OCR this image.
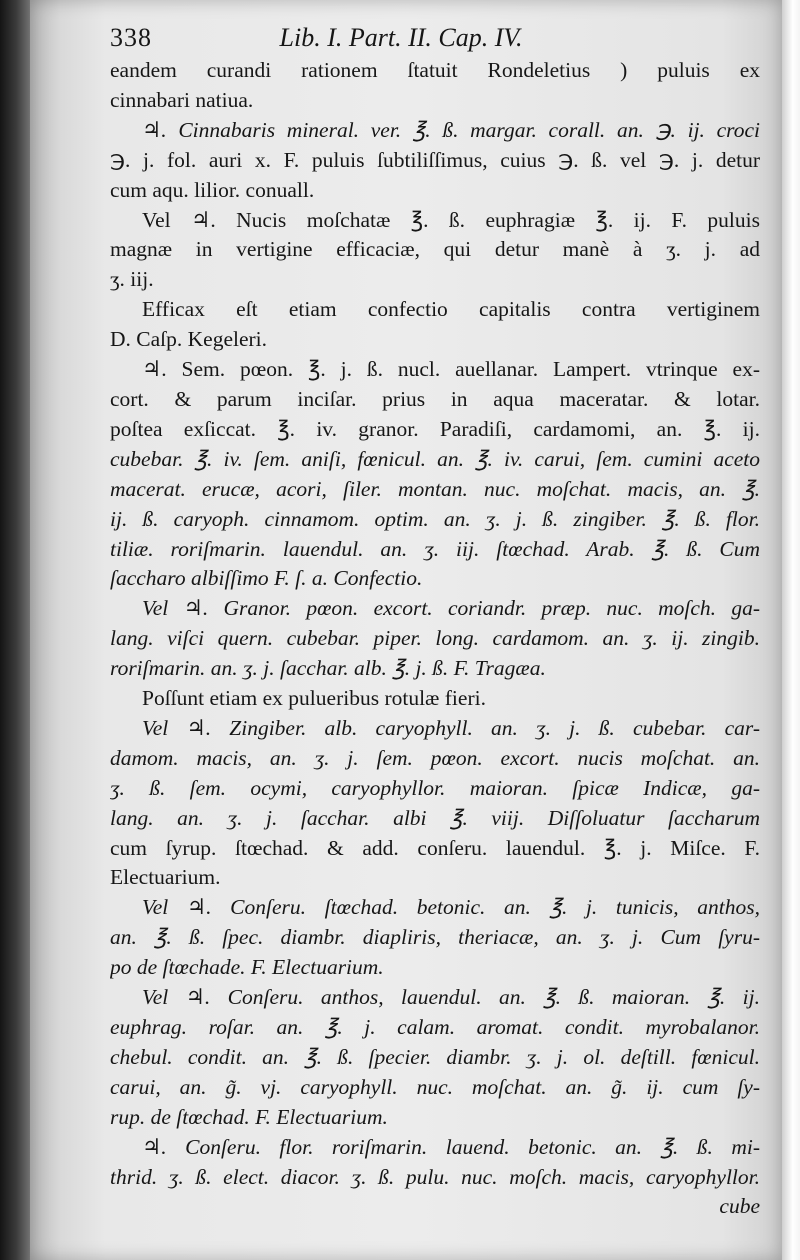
338	Lib. I. Part. II. Cap. IV.
eandem curandi rationem ſtatuit Rondeletius ) puluis ex
cinnabari natiua.
♃. Cinnabaris mineral. ver. ℥. ß. margar. corall. an. ℈. ij. croci
℈. j. fol. auri x. F. puluis ſubtiliſſimus, cuius ℈. ß. vel ℈. j. detur
cum aqu. lilior. conuall.
Vel ♃. Nucis moſchatæ ℥. ß. euphragiæ ℥. ij. F. puluis
magnæ in vertigine efficaciæ, qui detur manè à ʒ. j. ad
ʒ. iij.
Efficax eſt etiam confectio capitalis contra vertiginem
D. Caſp. Kegeleri.
♃. Sem. pœon. ℥. j. ß. nucl. auellanar. Lampert. vtrinque ex-
cort. & parum inciſar. prius in aqua maceratar. & lotar.
poſtea exſiccat. ℥. iv. granor. Paradiſi, cardamomi, an. ℥. ij.
cubebar. ℥. iv. ſem. aniſi, fœnicul. an. ℥. iv. carui, ſem. cumini aceto
macerat. erucæ, acori, ſiler. montan. nuc. moſchat. macis, an. ℥.
ij. ß. caryoph. cinnamom. optim. an. ʒ. j. ß. zingiber. ℥. ß. flor.
tiliæ. roriſmarin. lauendul. an. ʒ. iij. ſtœchad. Arab. ℥. ß. Cum
ſaccharo albiſſimo F. ſ. a. Confectio.
Vel ♃. Granor. pœon. excort. coriandr. præp. nuc. moſch. ga-
lang. viſci quern. cubebar. piper. long. cardamom. an. ʒ. ij. zingib.
roriſmarin. an. ʒ. j. ſacchar. alb. ℥. j. ß. F. Tragæa.
Poſſunt etiam ex pulueribus rotulæ fieri.
Vel ♃. Zingiber. alb. caryophyll. an. ʒ. j. ß. cubebar. car-
damom. macis, an. ʒ. j. ſem. pœon. excort. nucis moſchat. an.
ʒ. ß. ſem. ocymi, caryophyllor. maioran. ſpicæ Indicæ, ga-
lang. an. ʒ. j. ſacchar. albi ℥. viij. Diſſoluatur ſaccharum
cum ſyrup. ſtœchad. & add. conſeru. lauendul. ℥. j. Miſce. F.
Electuarium.
Vel ♃. Conſeru. ſtœchad. betonic. an. ℥. j. tunicis, anthos,
an. ℥. ß. ſpec. diambr. diapliris, theriacæ, an. ʒ. j. Cum ſyru-
po de ſtœchade. F. Electuarium.
Vel ♃. Conſeru. anthos, lauendul. an. ℥. ß. maioran. ℥. ij.
euphrag. roſar. an. ℥. j. calam. aromat. condit. myrobalanor.
chebul. condit. an. ℥. ß. ſpecier. diambr. ʒ. j. ol. deſtill. fœnicul.
carui, an. g̃. vj. caryophyll. nuc. moſchat. an. g̃. ij. cum ſy-
rup. de ſtœchad. F. Electuarium.
♃. Conſeru. flor. roriſmarin. lauend. betonic. an. ℥. ß. mi-
thrid. ʒ. ß. elect. diacor. ʒ. ß. pulu. nuc. moſch. macis, caryophyllor.
cube
